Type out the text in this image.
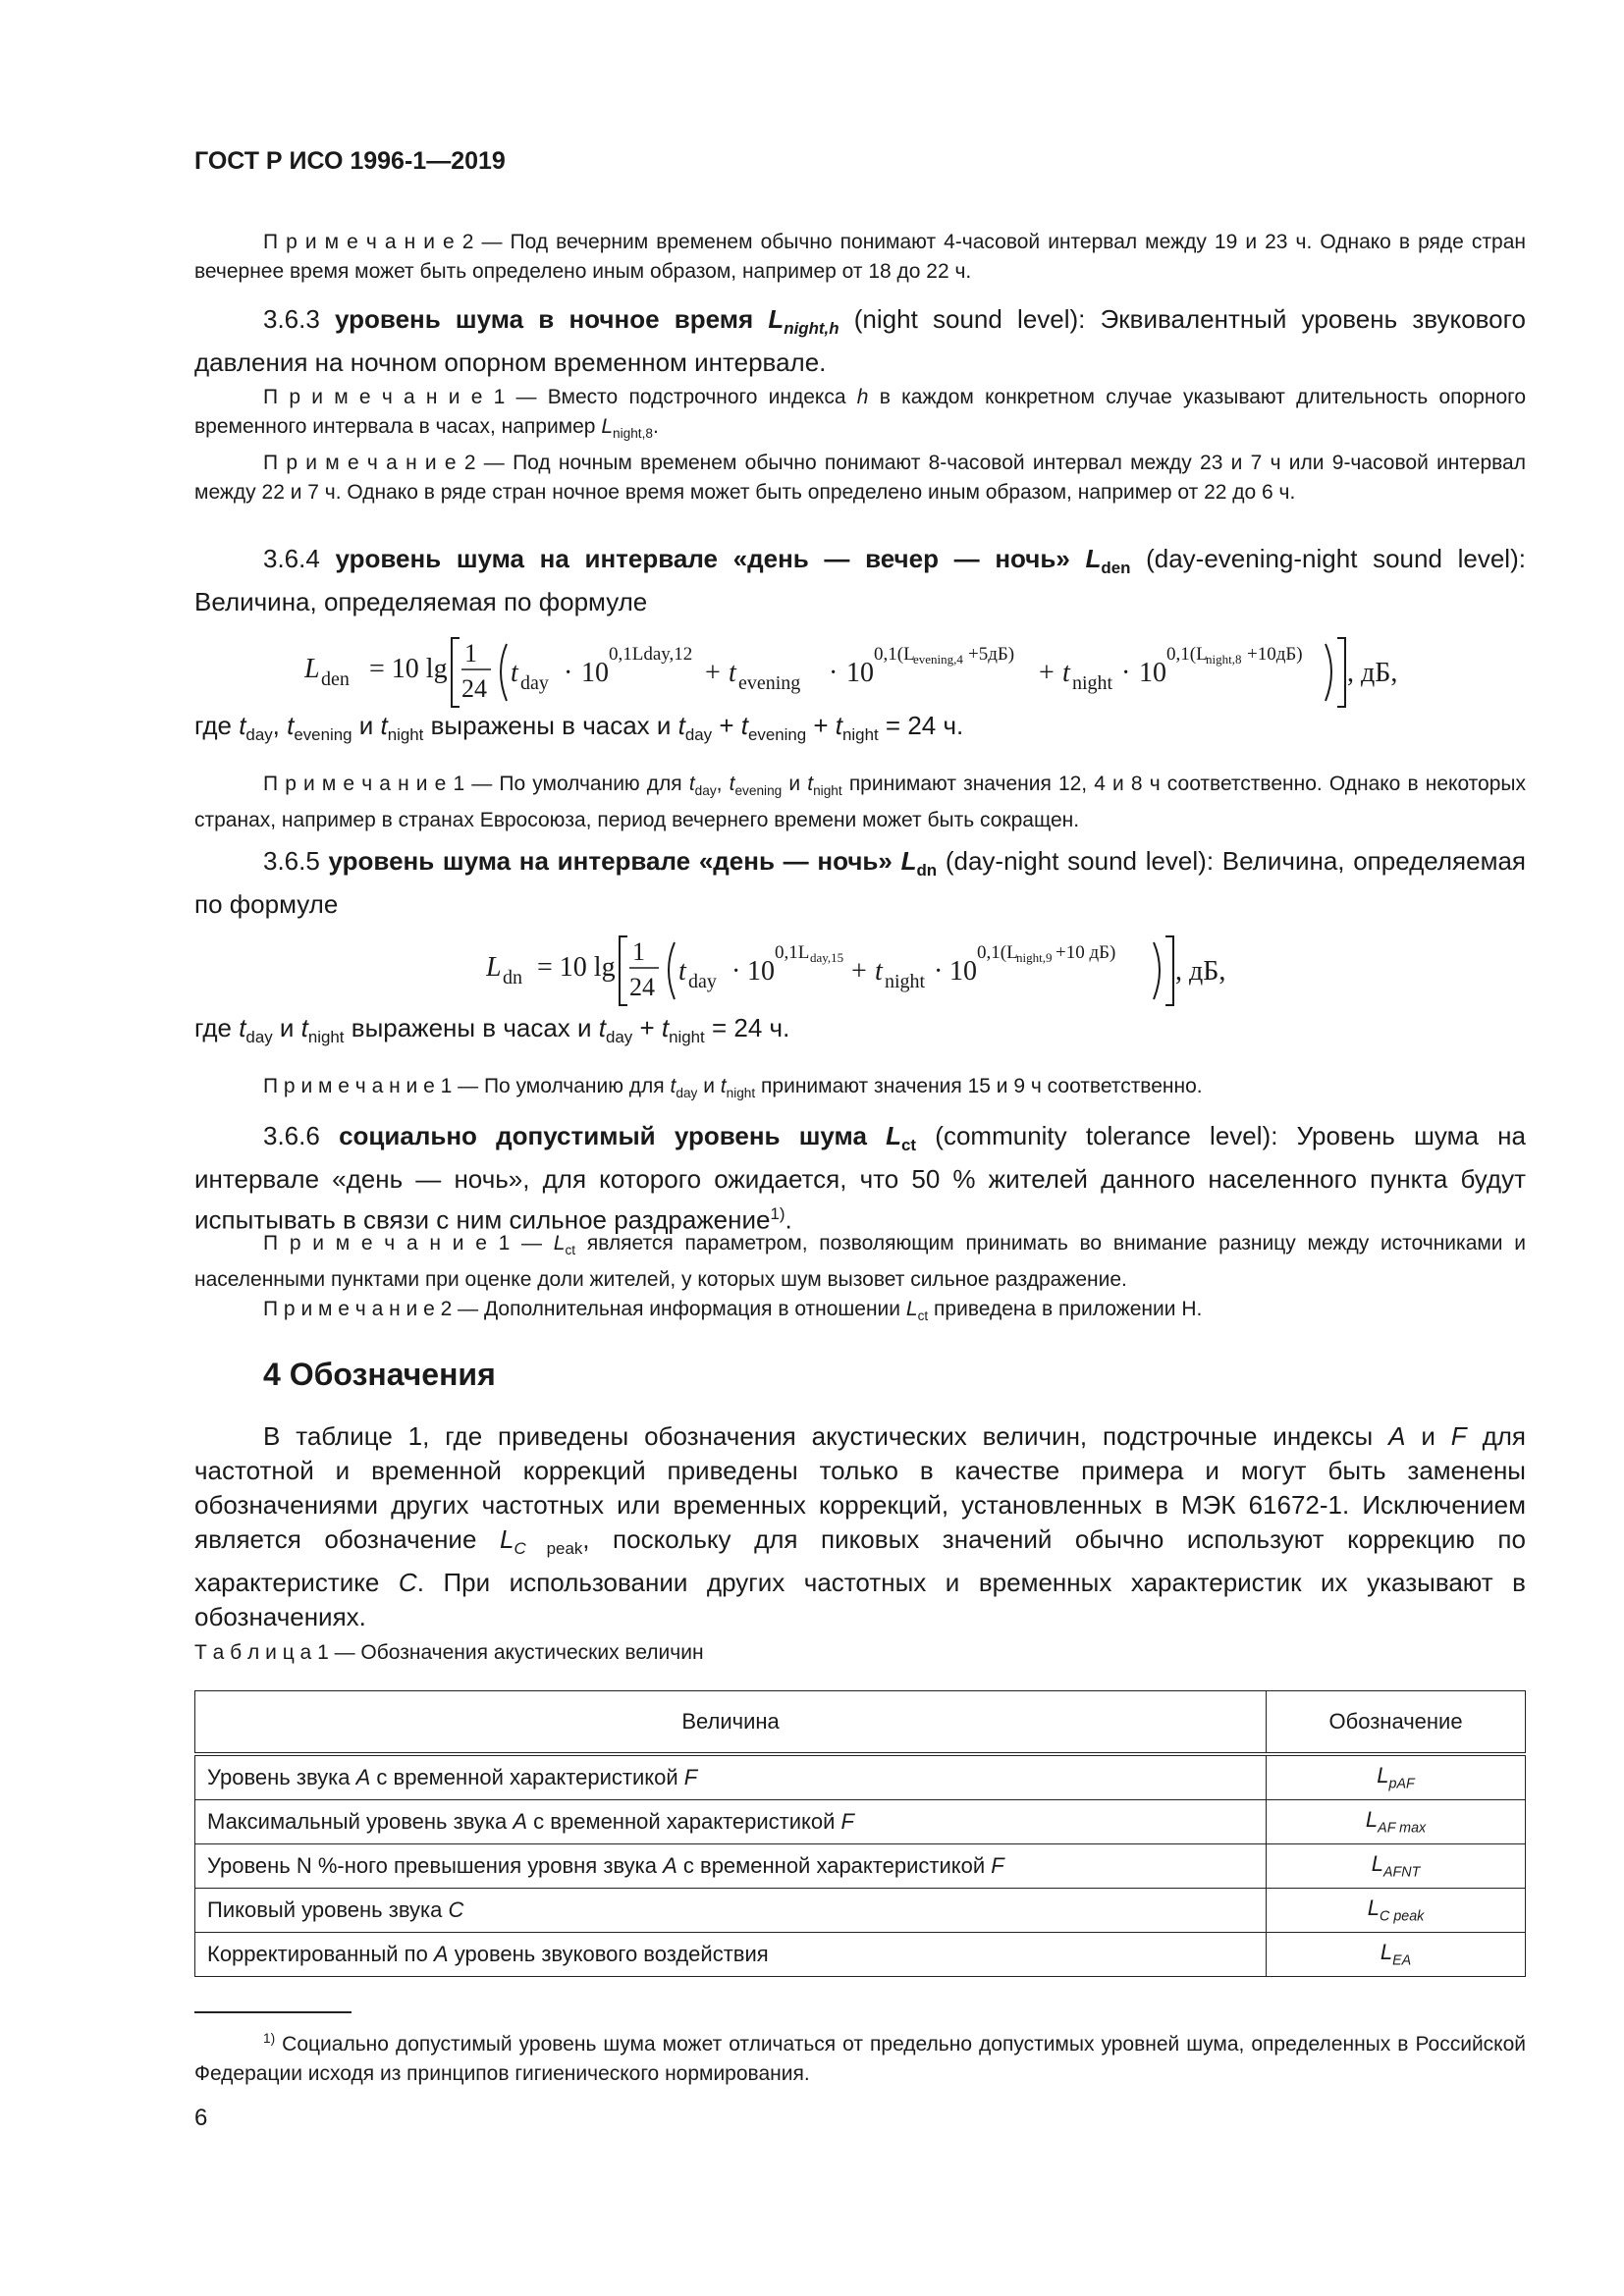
ГОСТ Р ИСО 1996-1—2019

П р и м е ч а н и е 2 — Под вечерним временем обычно понимают 4-часовой интервал между 19 и 23 ч. Однако в ряде стран вечернее время может быть определено иным образом, например от 18 до 22 ч.

3.6.3 уровень шума в ночное время $L_{night,h}$ (night sound level): Эквивалентный уровень звукового давления на ночном опорном временном интервале.

П р и м е ч а н и е 1 — Вместо подстрочного индекса h в каждом конкретном случае указывают длительность опорного временного интервала в часах, например $L_{night,8}$.

П р и м е ч а н и е 2 — Под ночным временем обычно понимают 8-часовой интервал между 23 и 7 ч или 9-часовой интервал между 22 и 7 ч. Однако в ряде стран ночное время может быть определено иным образом, например от 22 до 6 ч.

3.6.4 уровень шума на интервале «день — вечер — ночь» $L_{den}$ (day-evening-night sound level): Величина, определяемая по формуле

L den = 10 lg
1
24
t day · 10
0,1Lday,12
+ t evening · 10
0,1(L
evening,4 +5дБ)
+ t night · 10
0,1(L
night,8 +10дБ)
, дБ,

где $t_{day}$, $t_{evening}$ и $t_{night}$ выражены в часах и $t_{day} + t_{evening} + t_{night} = 24$ ч.

П р и м е ч а н и е 1 — По умолчанию для $t_{day}$, $t_{evening}$ и $t_{night}$ принимают значения 12, 4 и 8 ч соответственно. Однако в некоторых странах, например в странах Евросоюза, период вечернего времени может быть сокращен.

3.6.5 уровень шума на интервале «день — ночь» $L_{dn}$ (day-night sound level): Величина, определяемая по формуле

L dn = 10 lg
1
24
t day · 10
0,1L day,15 + t night · 10
0,1(L
night,9 +10 дБ)
, дБ,

где $t_{day}$ и $t_{night}$ выражены в часах и $t_{day} + t_{night} = 24$ ч.

П р и м е ч а н и е 1 — По умолчанию для $t_{day}$ и $t_{night}$ принимают значения 15 и 9 ч соответственно.

3.6.6 социально допустимый уровень шума $L_{ct}$ (community tolerance level): Уровень шума на интервале «день — ночь», для которого ожидается, что 50 % жителей данного населенного пункта будут испытывать в связи с ним сильное раздражение$^{1)}$.

П р и м е ч а н и е 1 — $L_{ct}$ является параметром, позволяющим принимать во внимание разницу между источниками и населенными пунктами при оценке доли жителей, у которых шум вызовет сильное раздражение.

П р и м е ч а н и е 2 — Дополнительная информация в отношении $L_{ct}$ приведена в приложении Н.

4 Обозначения

В таблице 1, где приведены обозначения акустических величин, подстрочные индексы A и F для частотной и временной коррекций приведены только в качестве примера и могут быть заменены обозначениями других частотных или временных коррекций, установленных в МЭК 61672-1. Исключением является обозначение $L_{C peak}$, поскольку для пиковых значений обычно используют коррекцию по характеристике C. При использовании других частотных и временных характеристик их указывают в обозначениях.

Т а б л и ц а 1 — Обозначения акустических величин
Величина	Обозначение
Уровень звука A с временной характеристикой F	$L_{pAF}$
Максимальный уровень звука A с временной характеристикой F	$L_{AF max}$
Уровень N %-ного превышения уровня звука A с временной характеристикой F	$L_{AFNT}$
Пиковый уровень звука C	$L_{C peak}$
Корректированный по A уровень звукового воздействия	$L_{EA}$

$^{1)}$ Социально допустимый уровень шума может отличаться от предельно допустимых уровней шума, определенных в Российской Федерации исходя из принципов гигиенического нормирования.

6
